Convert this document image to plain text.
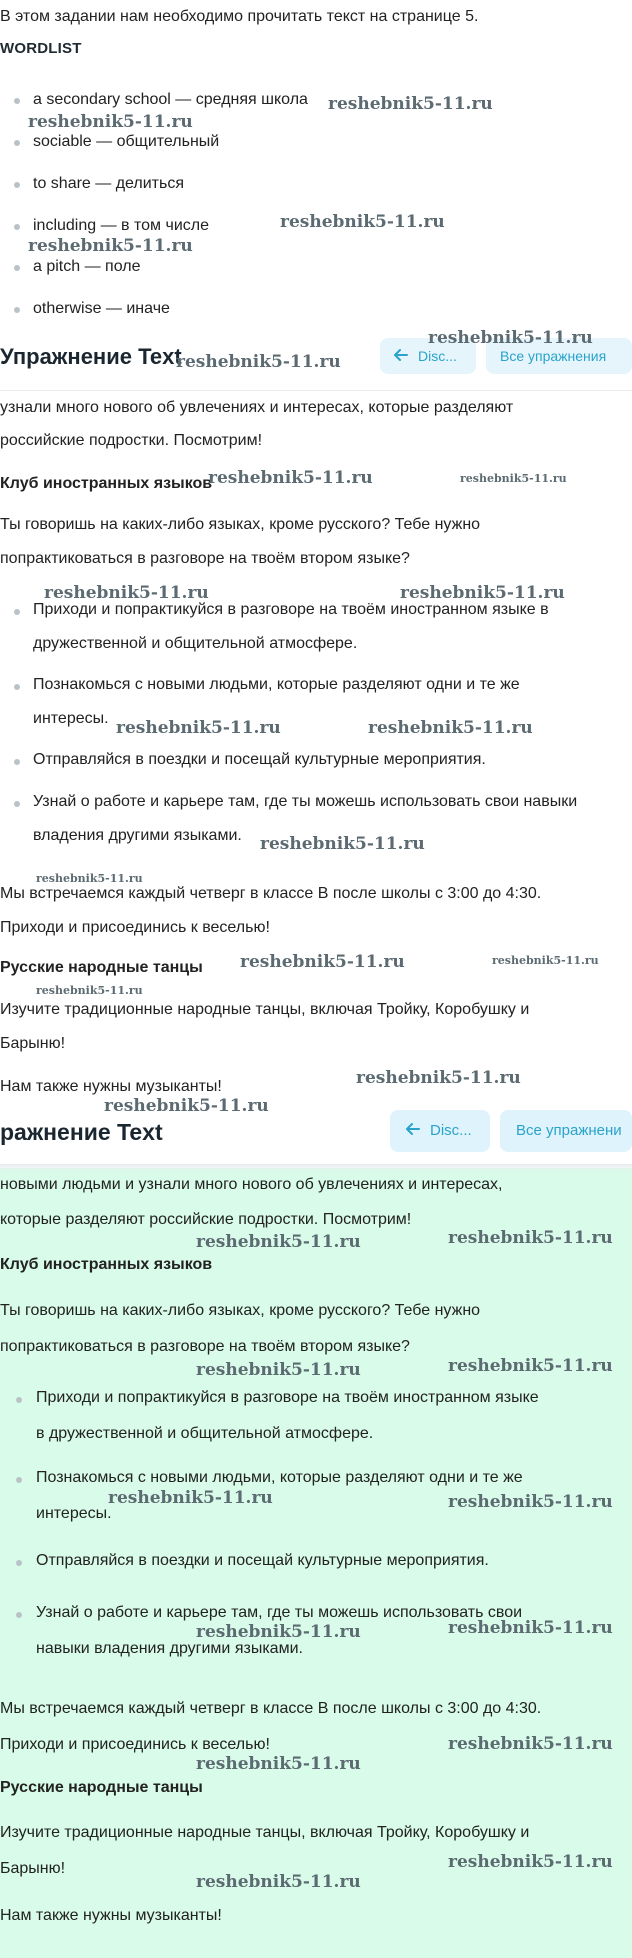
В этом задании нам необходимо прочитать текст на странице 5.
WORDLIST
a secondary school — средняя школа
sociable — общительный
to share — делиться
including — в том числе
a pitch — поле
otherwise — иначе
Упражнение Text	Disc...	Все упражнения
узнали много нового об увлечениях и интересах, которые разделяют
российские подростки. Посмотрим!
Клуб иностранных языков
Ты говоришь на каких-либо языках, кроме русского? Тебе нужно
попрактиковаться в разговоре на твоём втором языке?
Приходи и попрактикуйся в разговоре на твоём иностранном языке в
дружественной и общительной атмосфере.
Познакомься с новыми людьми, которые разделяют одни и те же
интересы.
Отправляйся в поездки и посещай культурные мероприятия.
Узнай о работе и карьере там, где ты можешь использовать свои навыки
владения другими языками.
Мы встречаемся каждый четверг в классе B после школы с 3:00 до 4:30.
Приходи и присоединись к веселью!
Русские народные танцы
Изучите традиционные народные танцы, включая Тройку, Коробушку и
Барыню!
Нам также нужны музыканты!
ражнение Text	Disc...	Все упражнени
новыми людьми и узнали много нового об увлечениях и интересах,
которые разделяют российские подростки. Посмотрим!
Клуб иностранных языков
Ты говоришь на каких-либо языках, кроме русского? Тебе нужно
попрактиковаться в разговоре на твоём втором языке?
Приходи и попрактикуйся в разговоре на твоём иностранном языке
в дружественной и общительной атмосфере.
Познакомься с новыми людьми, которые разделяют одни и те же
интересы.
Отправляйся в поездки и посещай культурные мероприятия.
Узнай о работе и карьере там, где ты можешь использовать свои
навыки владения другими языками.
Мы встречаемся каждый четверг в классе B после школы с 3:00 до 4:30.
Приходи и присоединись к веселью!
Русские народные танцы
Изучите традиционные народные танцы, включая Тройку, Коробушку и
Барыню!
Нам также нужны музыканты!
reshebnik5-11.ru
reshebnik5-11.ru
reshebnik5-11.ru
reshebnik5-11.ru
reshebnik5-11.ru
reshebnik5-11.ru
reshebnik5-11.ru	reshebnik5-11.ru
reshebnik5-11.ru	reshebnik5-11.ru
reshebnik5-11.ru	reshebnik5-11.ru
reshebnik5-11.ru
reshebnik5-11.ru
reshebnik5-11.ru	reshebnik5-11.ru
reshebnik5-11.ru
reshebnik5-11.ru
reshebnik5-11.ru
reshebnik5-11.ru	reshebnik5-11.ru
reshebnik5-11.ru	reshebnik5-11.ru
reshebnik5-11.ru	reshebnik5-11.ru
reshebnik5-11.ru	reshebnik5-11.ru
reshebnik5-11.ru
reshebnik5-11.ru
reshebnik5-11.ru
reshebnik5-11.ru
